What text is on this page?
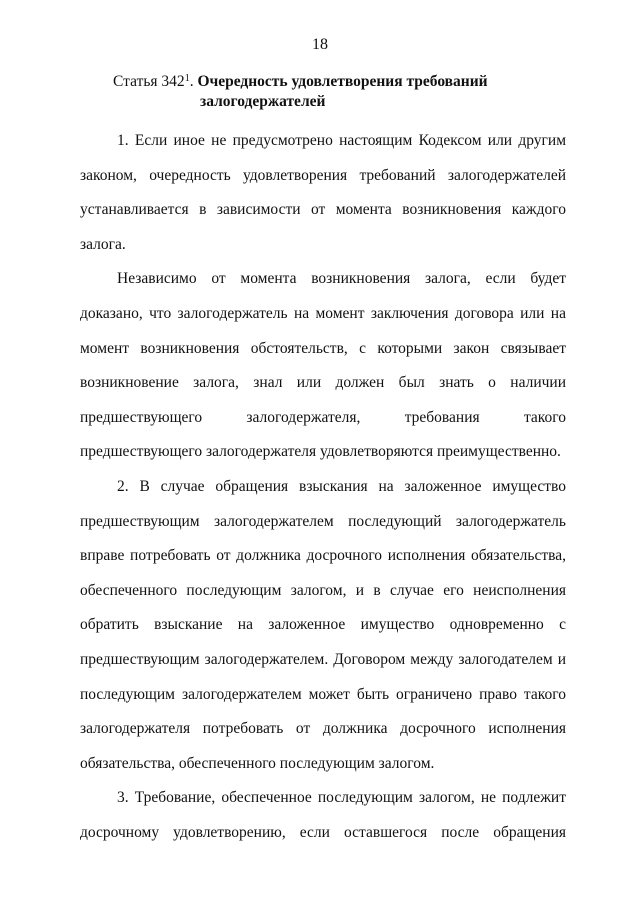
18
Статья $342^1$. Очередность удовлетворения требований
залогодержателей

1. Если иное не предусмотрено настоящим Кодексом или другим законом, очередность удовлетворения требований залогодержателей устанавливается в зависимости от момента возникновения каждого залога.

Независимо от момента возникновения залога, если будет доказано, что залогодержатель на момент заключения договора или на момент возникновения обстоятельств, с которыми закон связывает возникновение залога, знал или должен был знать о наличии предшествующего залогодержателя, требования такого предшествующего залогодержателя удовлетворяются преимущественно.

2. В случае обращения взыскания на заложенное имущество предшествующим залогодержателем последующий залогодержатель вправе потребовать от должника досрочного исполнения обязательства, обеспеченного последующим залогом, и в случае его неисполнения обратить взыскание на заложенное имущество одновременно с предшествующим залогодержателем. Договором между залогодателем и последующим залогодержателем может быть ограничено право такого залогодержателя потребовать от должника досрочного исполнения обязательства, обеспеченного последующим залогом.

3. Требование, обеспеченное последующим залогом, не подлежит досрочному удовлетворению, если оставшегося после обращения
